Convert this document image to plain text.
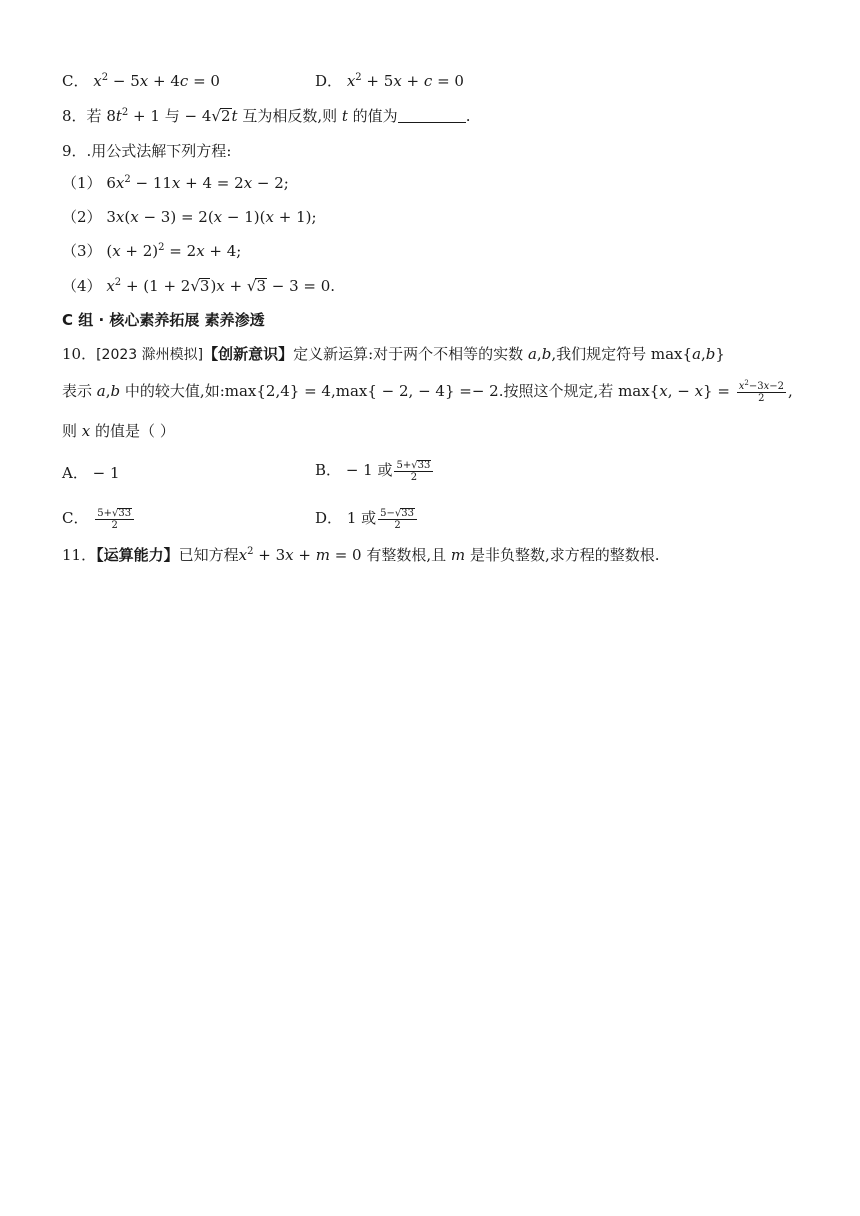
C． $x^2 - 5x + 4c = 0$	D． $x^2 + 5x + c = 0$
8．若 $8t^2 + 1$ 与 − 4√2t 互为相反数,则 t 的值为	.
9．.用公式法解下列方程:
（1） $6x^2 - 11x + 4 = 2x - 2$;
（2） 3x(x − 3) = 2(x − 1)(x + 1);
（3） $(x + 2)^2 = 2x + 4$;
（4） $x^2 + (1 + 2√3)x + √3 - 3 = 0$.
C 组 · 核心素养拓展 素养渗透
10．[2023 滁州模拟]【创新意识】定义新运算:对于两个不相等的实数 a,b,我们规定符号 max{a,b}
表示 a,b 中的较大值,如:max{2,4} = 4,max{ − 2, − 4} =− 2.按照这个规定,若 max{x, − $x\} = \frac{x^2-3x-2}{2}$ ,
则 x 的值是（ ）
A． − 1	B． − 1 或 $\frac{5+√33}{2}$
C． $\frac{5+√33}{2}$	D． 1 或 $\frac{5-√33}{2}$
11．【运算能力】已知方程$x^2 + 3x + m = 0$ 有整数根,且 m 是非负整数,求方程的整数根.
